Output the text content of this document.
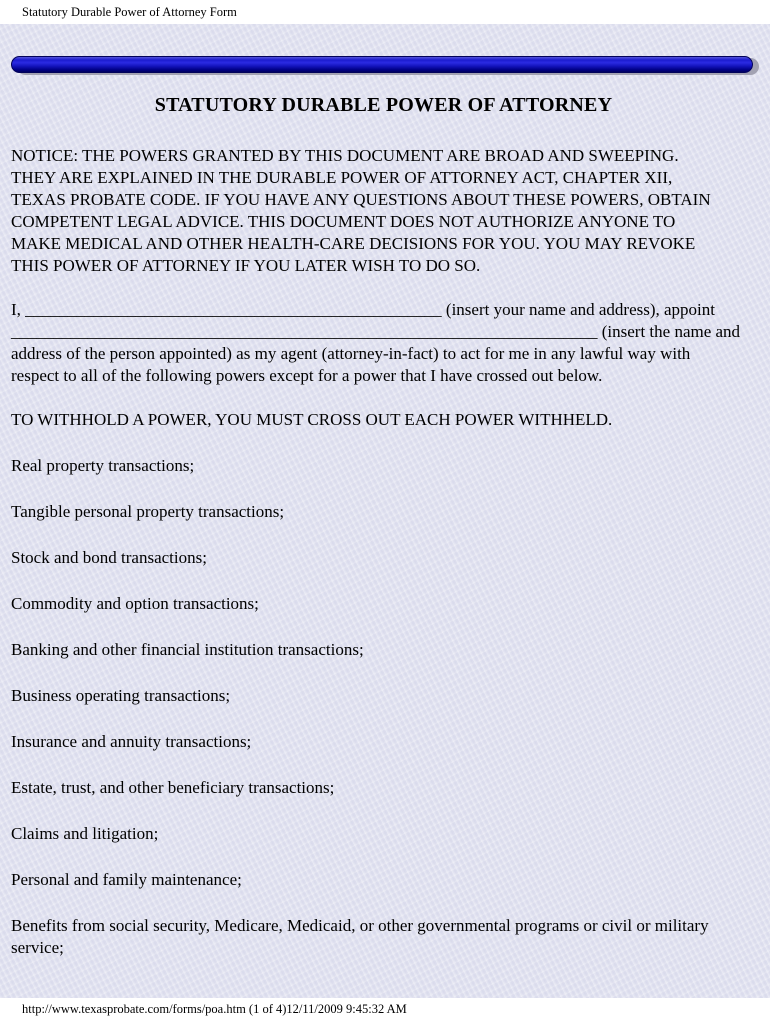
Statutory Durable Power of Attorney Form
STATUTORY DURABLE POWER OF ATTORNEY

NOTICE: THE POWERS GRANTED BY THIS DOCUMENT ARE BROAD AND SWEEPING.
THEY ARE EXPLAINED IN THE DURABLE POWER OF ATTORNEY ACT, CHAPTER XII,
TEXAS PROBATE CODE. IF YOU HAVE ANY QUESTIONS ABOUT THESE POWERS, OBTAIN
COMPETENT LEGAL ADVICE. THIS DOCUMENT DOES NOT AUTHORIZE ANYONE TO
MAKE MEDICAL AND OTHER HEALTH-CARE DECISIONS FOR YOU. YOU MAY REVOKE
THIS POWER OF ATTORNEY IF YOU LATER WISH TO DO SO.

I, _________________________________________________ (insert your name and address), appoint
_____________________________________________________________________ (insert the name and
address of the person appointed) as my agent (attorney-in-fact) to act for me in any lawful way with
respect to all of the following powers except for a power that I have crossed out below.

TO WITHHOLD A POWER, YOU MUST CROSS OUT EACH POWER WITHHELD.

Real property transactions;

Tangible personal property transactions;

Stock and bond transactions;

Commodity and option transactions;

Banking and other financial institution transactions;

Business operating transactions;

Insurance and annuity transactions;

Estate, trust, and other beneficiary transactions;

Claims and litigation;

Personal and family maintenance;

Benefits from social security, Medicare, Medicaid, or other governmental programs or civil or military
service;

http://www.texasprobate.com/forms/poa.htm (1 of 4)12/11/2009 9:45:32 AM
